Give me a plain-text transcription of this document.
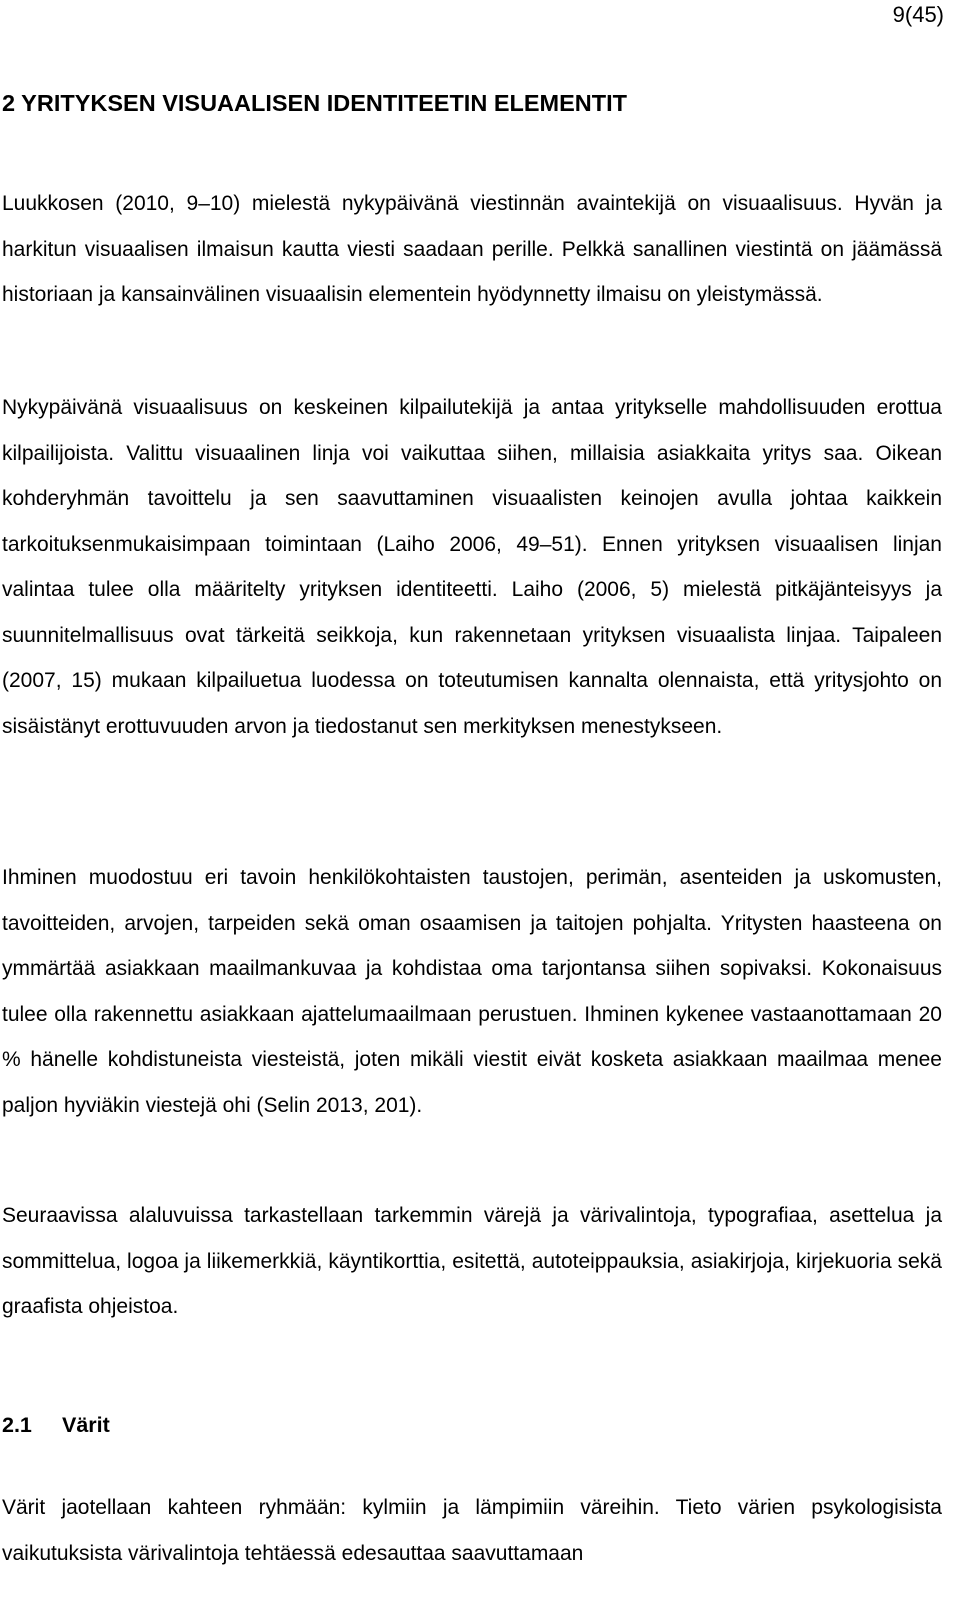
9(45)
2 YRITYKSEN VISUAALISEN IDENTITEETIN ELEMENTIT

Luukkosen (2010, 9–10) mielestä nykypäivänä viestinnän avaintekijä on visuaalisuus. Hyvän ja harkitun visuaalisen ilmaisun kautta viesti saadaan perille. Pelkkä sanallinen viestintä on jäämässä historiaan ja kansainvälinen visuaalisin elementein hyödynnetty ilmaisu on yleistymässä.

Nykypäivänä visuaalisuus on keskeinen kilpailutekijä ja antaa yritykselle mahdollisuuden erottua kilpailijoista. Valittu visuaalinen linja voi vaikuttaa siihen, millaisia asiakkaita yritys saa. Oikean kohderyhmän tavoittelu ja sen saavuttaminen visuaalisten keinojen avulla johtaa kaikkein tarkoituksenmukaisimpaan toimintaan (Laiho 2006, 49–51). Ennen yrityksen visuaalisen linjan valintaa tulee olla määritelty yrityksen identiteetti. Laiho (2006, 5) mielestä pitkäjänteisyys ja suunnitelmallisuus ovat tärkeitä seikkoja, kun rakennetaan yrityksen visuaalista linjaa. Taipaleen (2007, 15) mukaan kilpailuetua luodessa on toteutumisen kannalta olennaista, että yritysjohto on sisäistänyt erottuvuuden arvon ja tiedostanut sen merkityksen menestykseen.

Ihminen muodostuu eri tavoin henkilökohtaisten taustojen, perimän, asenteiden ja uskomusten, tavoitteiden, arvojen, tarpeiden sekä oman osaamisen ja taitojen pohjalta. Yritysten haasteena on ymmärtää asiakkaan maailmankuvaa ja kohdistaa oma tarjontansa siihen sopivaksi. Kokonaisuus tulee olla rakennettu asiakkaan ajattelumaailmaan perustuen. Ihminen kykenee vastaanottamaan 20 % hänelle kohdistuneista viesteistä, joten mikäli viestit eivät kosketa asiakkaan maailmaa menee paljon hyviäkin viestejä ohi (Selin 2013, 201).

Seuraavissa alaluvuissa tarkastellaan tarkemmin värejä ja värivalintoja, typografiaa, asettelua ja sommittelua, logoa ja liikemerkkiä, käyntikorttia, esitettä, autoteippauksia, asiakirjoja, kirjekuoria sekä graafista ohjeistoa.

2.1 Värit

Värit jaotellaan kahteen ryhmään: kylmiin ja lämpimiin väreihin. Tieto värien psykologisista vaikutuksista värivalintoja tehtäessä edesauttaa saavuttamaan
